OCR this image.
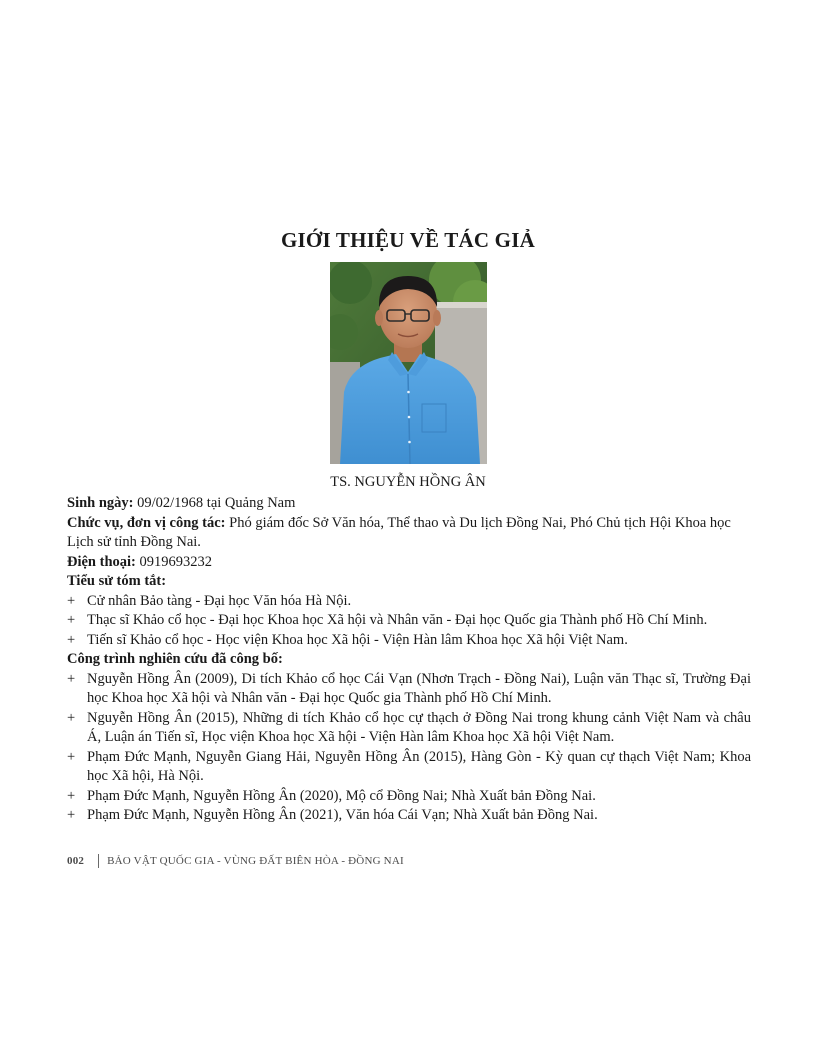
GIỚI THIỆU VỀ TÁC GIẢ
TS. NGUYỄN HỒNG ÂN

Sinh ngày: 09/02/1968 tại Quảng Nam

Chức vụ, đơn vị công tác: Phó giám đốc Sở Văn hóa, Thể thao và Du lịch Đồng Nai, Phó Chủ tịch Hội Khoa học Lịch sử tỉnh Đồng Nai.

Điện thoại: 0919693232

Tiểu sử tóm tắt:

+ Cử nhân Bảo tàng - Đại học Văn hóa Hà Nội.
+ Thạc sĩ Khảo cổ học - Đại học Khoa học Xã hội và Nhân văn - Đại học Quốc gia Thành phố Hồ Chí Minh.
+ Tiến sĩ Khảo cổ học - Học viện Khoa học Xã hội - Viện Hàn lâm Khoa học Xã hội Việt Nam.

Công trình nghiên cứu đã công bố:

+ Nguyễn Hồng Ân (2009), Di tích Khảo cổ học Cái Vạn (Nhơn Trạch - Đồng Nai), Luận văn Thạc sĩ, Trường Đại học Khoa học Xã hội và Nhân văn - Đại học Quốc gia Thành phố Hồ Chí Minh.
+ Nguyễn Hồng Ân (2015), Những di tích Khảo cổ học cự thạch ở Đồng Nai trong khung cảnh Việt Nam và châu Á, Luận án Tiến sĩ, Học viện Khoa học Xã hội - Viện Hàn lâm Khoa học Xã hội Việt Nam.
+ Phạm Đức Mạnh, Nguyễn Giang Hải, Nguyễn Hồng Ân (2015), Hàng Gòn - Kỳ quan cự thạch Việt Nam; Khoa học Xã hội, Hà Nội.
+ Phạm Đức Mạnh, Nguyễn Hồng Ân (2020), Mộ cổ Đồng Nai; Nhà Xuất bản Đồng Nai.
+ Phạm Đức Mạnh, Nguyễn Hồng Ân (2021), Văn hóa Cái Vạn; Nhà Xuất bản Đồng Nai.
002 BẢO VẬT QUỐC GIA - VÙNG ĐẤT BIÊN HÒA - ĐỒNG NAI
